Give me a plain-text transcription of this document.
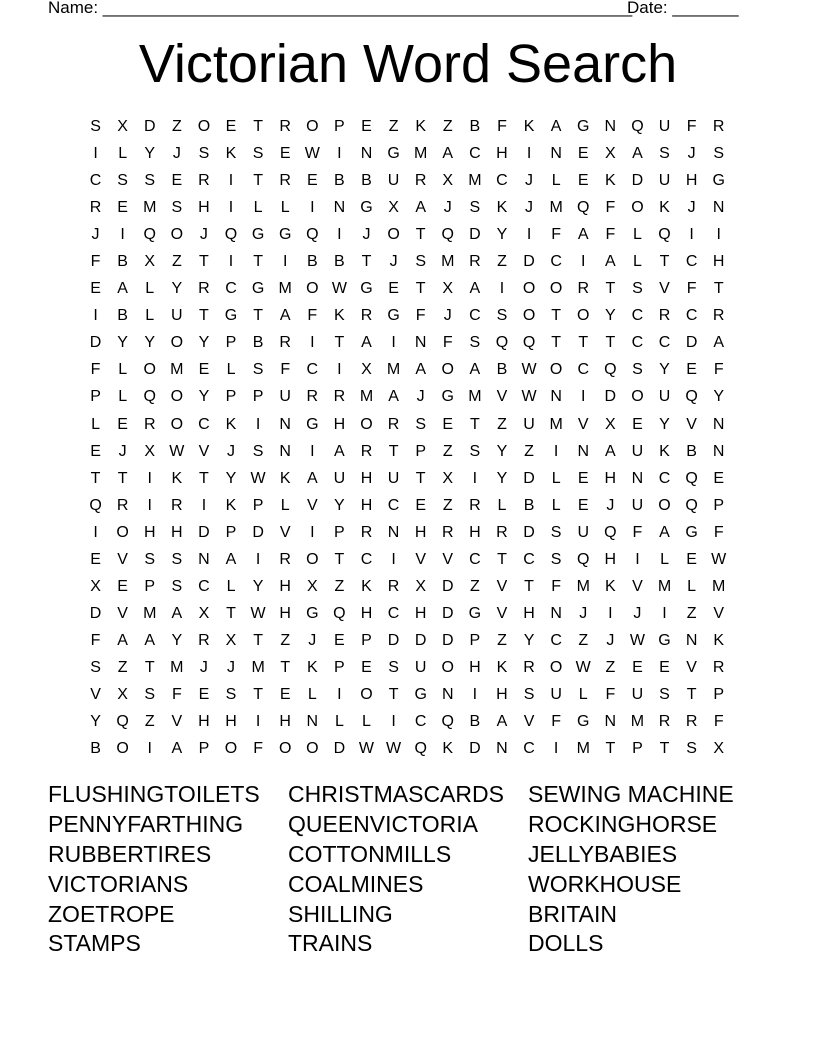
Name: ________________________________________________________
Date: _______
Victorian Word Search
S	X D	Z O E	T	R O P	E	Z	K	Z	B	F	K	A G N Q U	F	R
I	L	Y	J	S	K	S	E W	I	N G M A C H	I	N E	X	A	S	J	S
C S	S	E R	I	T	R E	B	B U R X M C	J	L	E	K D U H G
R E M S H	I	L	L	I	N G X	A	J	S	K	J	M Q F O K	J	N
J	I	Q O	J	Q G G Q	I	J	O T Q D Y	I	F	A	F	L	Q	I	I
F	B	X	Z	T	I	T	I	B	B	T	J	S M R	Z	D C	I	A	L	T	C H
E	A	L	Y R C G M O W G E	T	X	A	I	O O R	T	S	V	F	T
I	B	L	U	T G T	A	F	K R G F	J	C S O T O Y C R C R
D Y	Y O Y	P	B R	I	T	A	I	N	F	S Q Q T	T	T	C C D A
F	L	O M E	L	S	F	C	I	X M A O A	B W O C Q S	Y	E	F
P	L	Q O Y	P	P U R R M A	J	G M V W N	I	D O U Q Y
L	E R O C K	I	N G H O R S	E	T	Z	U M V	X	E	Y	V N
E	J	X W V	J	S N	I	A R	T	P	Z	S	Y	Z	I	N A U K	B N
T	T	I	K	T	Y W K	A U H U	T	X	I	Y D	L	E H N C Q E
Q R	I	R	I	K	P	L	V	Y H C E	Z	R	L	B	L	E	J	U O Q P
I	O H H D P D V	I	P R N H R H R D S U Q F	A G F
E	V	S	S N A	I	R O T	C	I	V	V C	T	C S Q H	I	L	E W
X	E	P	S C	L	Y H X	Z	K R X D	Z	V	T	F M K	V M L M
D V M A	X	T W H G Q H C H D G V H N	J	I	J	I	Z	V
F	A	A	Y R X	T	Z	J	E	P D D D P	Z	Y C	Z	J W G N K
S	Z	T M	J	J	M T	K	P	E	S U O H K R O W Z	E	E	V R
V	X	S	F	E	S	T	E	L	I	O T G N	I	H S U	L	F	U S	T	P
Y Q Z	V H H	I	H N	L	L	I	C Q B	A	V	F G N M R R	F
B O	I	A	P O F O O D W W Q K D N C	I	M T	P	T	S	X
FLUSHINGTOILETS	CHRISTMASCARDS	SEWING MACHINE
PENNYFARTHING	QUEENVICTORIA	ROCKINGHORSE
RUBBERTIRES	COTTONMILLS	JELLYBABIES
VICTORIANS	COALMINES	WORKHOUSE
ZOETROPE	SHILLING	BRITAIN
STAMPS	TRAINS	DOLLS
